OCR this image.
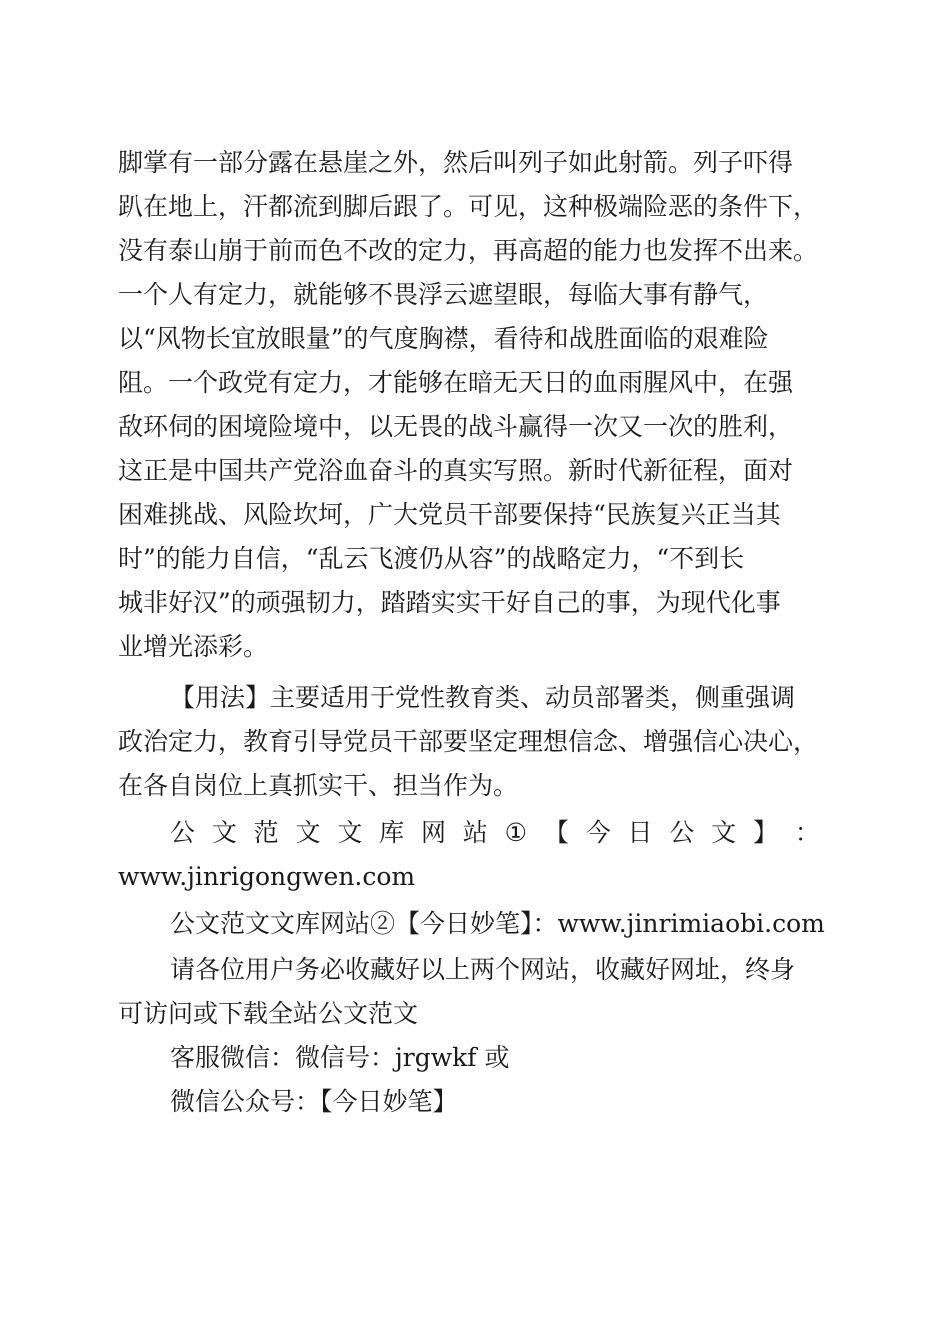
脚掌有一部分露在悬崖之外，然后叫列子如此射箭。列子吓得
趴在地上，汗都流到脚后跟了。可见，这种极端险恶的条件下，
没有泰山崩于前而色不改的定力，再高超的能力也发挥不出来。
一个人有定力，就能够不畏浮云遮望眼，每临大事有静气，
以“风物长宜放眼量”的气度胸襟，看待和战胜面临的艰难险
阻。一个政党有定力，才能够在暗无天日的血雨腥风中，在强
敌环伺的困境险境中，以无畏的战斗赢得一次又一次的胜利，
这正是中国共产党浴血奋斗的真实写照。新时代新征程，面对
困难挑战、风险坎坷，广大党员干部要保持“民族复兴正当其
时”的能力自信，“乱云飞渡仍从容”的战略定力，“不到长
城非好汉”的顽强韧力，踏踏实实干好自己的事，为现代化事
业增光添彩。
【用法】主要适用于党性教育类、动员部署类，侧重强调
政治定力，教育引导党员干部要坚定理想信念、增强信心决心，
在各自岗位上真抓实干、担当作为。
公 文 范 文 文 库 网 站 ① 【 今 日 公 文 】 ：
www.jinrigongwen.com
公文范文文库网站②【今日妙笔】：www.jinrimiaobi.com
请各位用户务必收藏好以上两个网站，收藏好网址，终身
可访问或下载全站公文范文
客服微信：微信号：jrgwkf 或
微信公众号：【今日妙笔】
